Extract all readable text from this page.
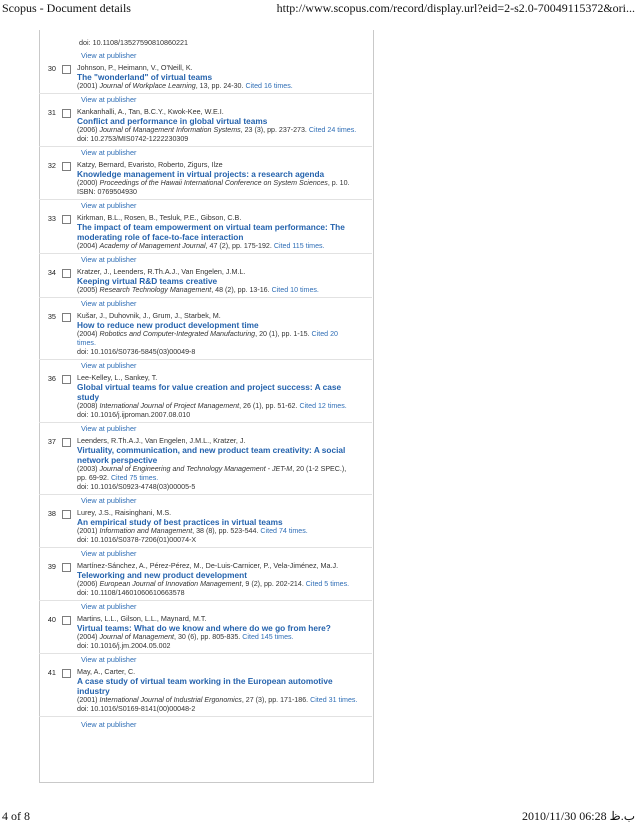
Scopus - Document details	http://www.scopus.com/record/display.url?eid=2-s2.0-70049115372&ori...
doi: 10.1108/13527590810860221
View at publisher
30	Johnson, P., Heimann, V., O'Neill, K.
The "wonderland" of virtual teams
(2001) Journal of Workplace Learning, 13, pp. 24-30. Cited 16 times.
View at publisher
31	Kankanhalli, A., Tan, B.C.Y., Kwok-Kee, W.E.I.
Conflict and performance in global virtual teams
(2006) Journal of Management Information Systems, 23 (3), pp. 237-273. Cited 24 times.
doi: 10.2753/MIS0742-1222230309
View at publisher
32	Katzy, Bernard, Evaristo, Roberto, Zigurs, Ilze
Knowledge management in virtual projects: a research agenda
(2000) Proceedings of the Hawaii International Conference on System Sciences, p. 10.
ISBN: 0769504930
View at publisher
33	Kirkman, B.L., Rosen, B., Tesluk, P.E., Gibson, C.B.
The impact of team empowerment on virtual team performance: The moderating role of face-to-face interaction
(2004) Academy of Management Journal, 47 (2), pp. 175-192. Cited 115 times.
View at publisher
34	Kratzer, J., Leenders, R.Th.A.J., Van Engelen, J.M.L.
Keeping virtual R&D teams creative
(2005) Research Technology Management, 48 (2), pp. 13-16. Cited 10 times.
View at publisher
35	Kušar, J., Duhovnik, J., Grum, J., Starbek, M.
How to reduce new product development time
(2004) Robotics and Computer-Integrated Manufacturing, 20 (1), pp. 1-15. Cited 20 times.
doi: 10.1016/S0736-5845(03)00049-8
View at publisher
36	Lee-Kelley, L., Sankey, T.
Global virtual teams for value creation and project success: A case study
(2008) International Journal of Project Management, 26 (1), pp. 51-62. Cited 12 times.
doi: 10.1016/j.ijproman.2007.08.010
View at publisher
37	Leenders, R.Th.A.J., Van Engelen, J.M.L., Kratzer, J.
Virtuality, communication, and new product team creativity: A social network perspective
(2003) Journal of Engineering and Technology Management - JET-M, 20 (1-2 SPEC.), pp. 69-92. Cited 75 times.
doi: 10.1016/S0923-4748(03)00005-5
View at publisher
38	Lurey, J.S., Raisinghani, M.S.
An empirical study of best practices in virtual teams
(2001) Information and Management, 38 (8), pp. 523-544. Cited 74 times.
doi: 10.1016/S0378-7206(01)00074-X
View at publisher
39	Martínez-Sánchez, A., Pérez-Pérez, M., De-Luis-Carnicer, P., Vela-Jiménez, Ma.J.
Teleworking and new product development
(2006) European Journal of Innovation Management, 9 (2), pp. 202-214. Cited 5 times.
doi: 10.1108/14601060610663578
View at publisher
40	Martins, L.L., Gilson, L.L., Maynard, M.T.
Virtual teams: What do we know and where do we go from here?
(2004) Journal of Management, 30 (6), pp. 805-835. Cited 145 times.
doi: 10.1016/j.jm.2004.05.002
View at publisher
41	May, A., Carter, C.
A case study of virtual team working in the European automotive industry
(2001) International Journal of Industrial Ergonomics, 27 (3), pp. 171-186. Cited 31 times.
doi: 10.1016/S0169-8141(00)00048-2
View at publisher
4 of 8	2010/11/30 06:28 ب.ظ
